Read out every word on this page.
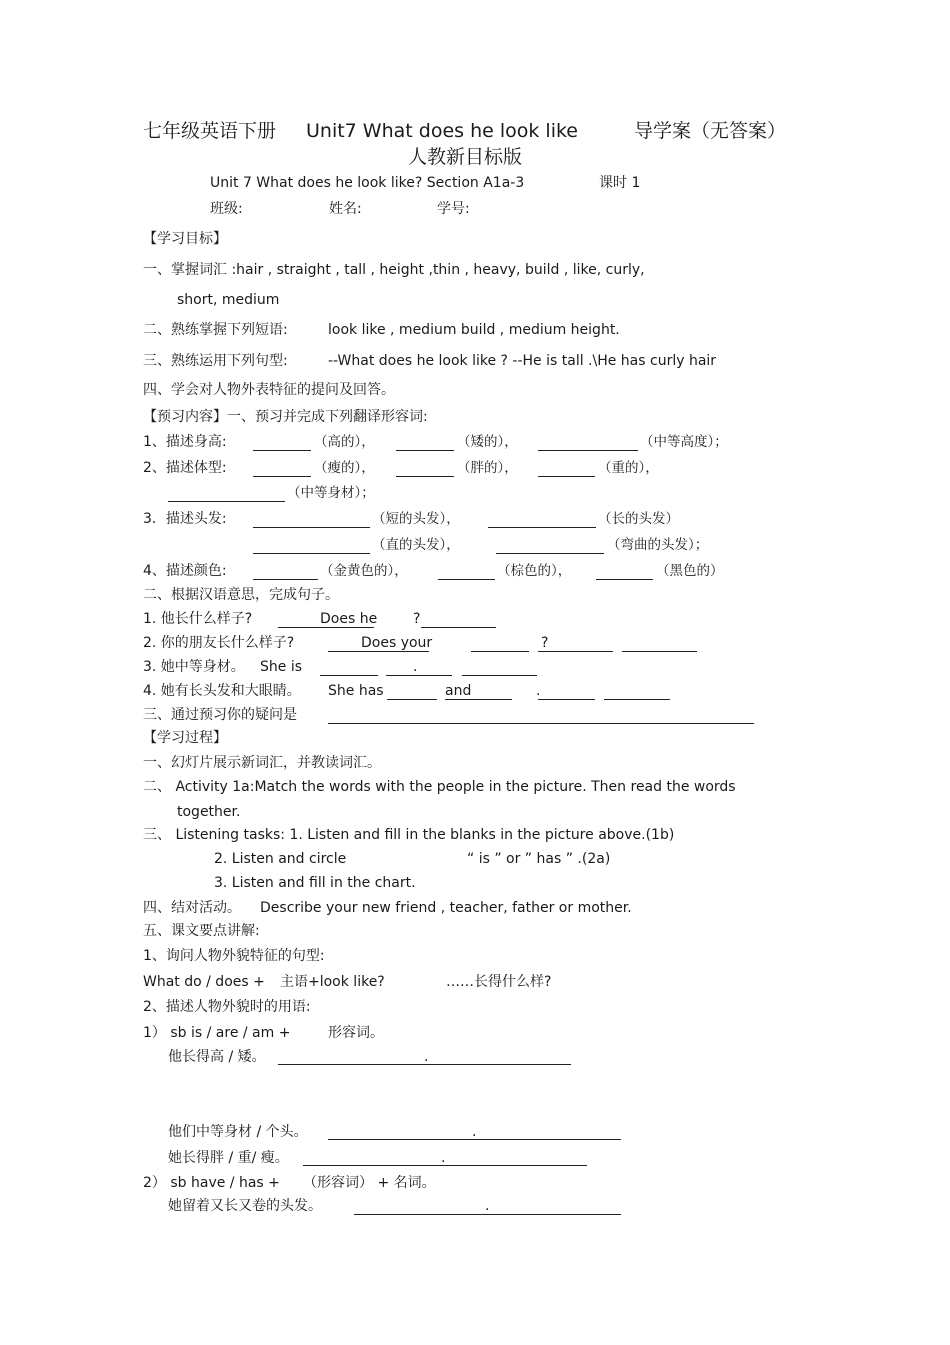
七年级英语下册 Unit7 What does he look like	导学案（无答案）
人教新目标版
Unit 7 What does he look like? Section A1a-3	课时 1
班级:	姓名:	学号:
【学习目标】
一、掌握词汇 :hair , straight , tall , height ,thin , heavy, build , like, curly,
short, medium
二、熟练掌握下列短语:	look like , medium build , medium height.
三、熟练运用下列句型:	--What does he look like ? --He is tall .\He has curly hair
四、学会对人物外表特征的提问及回答。
【预习内容】一、预习并完成下列翻译形容词:
1、描述身高:	（高的），	（矮的），	（中等高度）；
2、描述体型:	（瘦的），	（胖的），	（重的），
（中等身材）；
3．描述头发:	（短的头发），	（长的头发）
（直的头发），	（弯曲的头发）；
4、描述颜色:	（金黄色的），	（棕色的），	（黑色的）
二、根据汉语意思，完成句子。
1. 他长什么样子?	Does he	?
2. 你的朋友长什么样子?	Does your	?
3. 她中等身材。 She is	.
4. 她有长头发和大眼睛。 She has	and	.
三、通过预习你的疑问是
【学习过程】
一、幻灯片展示新词汇，并教读词汇。
二、 Activity 1a:Match the words with the people in the picture. Then read the words
together.
三、 Listening tasks: 1. Listen and fill in the blanks in the picture above.(1b)
2. Listen and circle	“ is ” or ” has ” .(2a)
3. Listen and fill in the chart.
四、结对活动。 Describe your new friend , teacher, father or mother.
五、课文要点讲解:
1、询问人物外貌特征的句型:
What do / does + 主语+look like?	……长得什么样?
2、描述人物外貌时的用语:
1） sb is / are / am +	形容词。
他长得高 / 矮。	.
他们中等身材 / 个头。	.
她长得胖 / 重/ 瘦。	.
2） sb have / has + （形容词） + 名词。
她留着又长又卷的头发。	.
